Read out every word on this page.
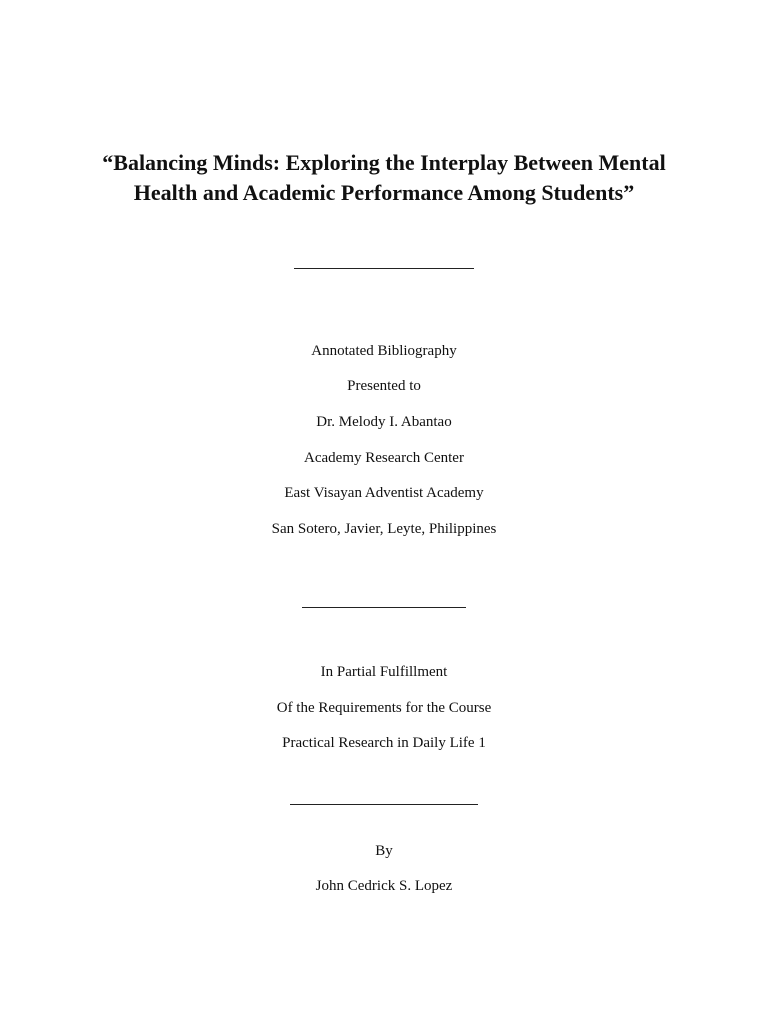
“Balancing Minds: Exploring the Interplay Between Mental
Health and Academic Performance Among Students”

Annotated Bibliography

Presented to

Dr. Melody I. Abantao

Academy Research Center

East Visayan Adventist Academy

San Sotero, Javier, Leyte, Philippines

In Partial Fulfillment

Of the Requirements for the Course

Practical Research in Daily Life 1

By

John Cedrick S. Lopez
